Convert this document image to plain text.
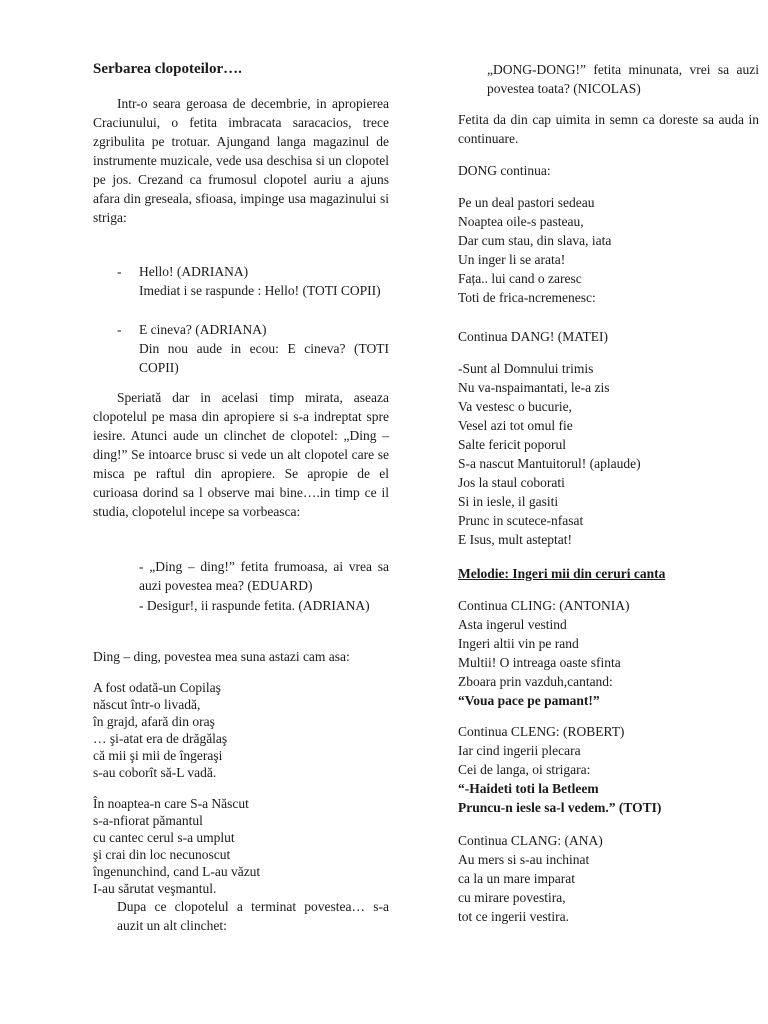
Serbarea clopoteilor….

Intr-o seara geroasa de decembrie, in apropierea Craciunului, o fetita imbracata saracacios, trece zgribulita pe trotuar. Ajungand langa magazinul de instrumente muzicale, vede usa deschisa si un clopotel pe jos. Crezand ca frumosul clopotel auriu a ajuns afara din greseala, sfioasa, impinge usa magazinului si striga:

- Hello! (ADRIANA)

Imediat i se raspunde : Hello! (TOTI COPII)

- E cineva? (ADRIANA)

Din nou aude in ecou: E cineva? (TOTI COPII)

Speriată dar in acelasi timp mirata, aseaza clopotelul pe masa din apropiere si s-a indreptat spre iesire. Atunci aude un clinchet de clopotel: „Ding – ding!” Se intoarce brusc si vede un alt clopotel care se misca pe raftul din apropiere. Se apropie de el curioasa dorind sa l observe mai bine….in timp ce il studia, clopotelul incepe sa vorbeasca:

- „Ding – ding!” fetita frumoasa, ai vrea sa auzi povestea mea? (EDUARD)

- Desigur!, ii raspunde fetita. (ADRIANA)

Ding – ding, povestea mea suna astazi cam asa:

A fost odată-un Copilaş
născut într-o livadă,
în grajd, afară din oraş
… şi-atat era de drăgălaş
că mii şi mii de îngeraşi
s-au coborît să-L vadă.
În noaptea-n care S-a Născut
s-a-nfiorat pămantul
cu cantec cerul s-a umplut
şi crai din loc necunoscut
îngenunchind, cand L-au văzut
I-au sărutat veşmantul.

Dupa ce clopotelul a terminat povestea… s-a auzit un alt clinchet:

„DONG-DONG!” fetita minunata, vrei sa auzi povestea toata? (NICOLAS)

Fetita da din cap uimita in semn ca doreste sa auda in continuare.

DONG continua:

Pe un deal pastori sedeau
Noaptea oile-s pasteau,
Dar cum stau, din slava, iata
Un inger li se arata!
Fața.. lui cand o zaresc
Toti de frica-ncremenesc:

Continua DANG! (MATEI)

-Sunt al Domnului trimis
Nu va-nspaimantati, le-a zis
Va vestesc o bucurie,
Vesel azi tot omul fie
Salte fericit poporul
S-a nascut Mantuitorul! (aplaude)
Jos la staul coborati
Si in iesle, il gasiti
Prunc in scutece-nfasat
E Isus, mult asteptat!

Melodie: Ingeri mii din ceruri canta

Continua CLING: (ANTONIA)
Asta ingerul vestind
Ingeri altii vin pe rand
Multii! O intreaga oaste sfinta
Zboara prin vazduh,cantand:
“Voua pace pe pamant!”
Continua CLENG: (ROBERT)
Iar cind ingerii plecara
Cei de langa, oi strigara:
“-Haideti toti la Betleem
Pruncu-n iesle sa-l vedem.” (TOTI)
Continua CLANG: (ANA)
Au mers si s-au inchinat
ca la un mare imparat
cu mirare povestira,
tot ce ingerii vestira.
